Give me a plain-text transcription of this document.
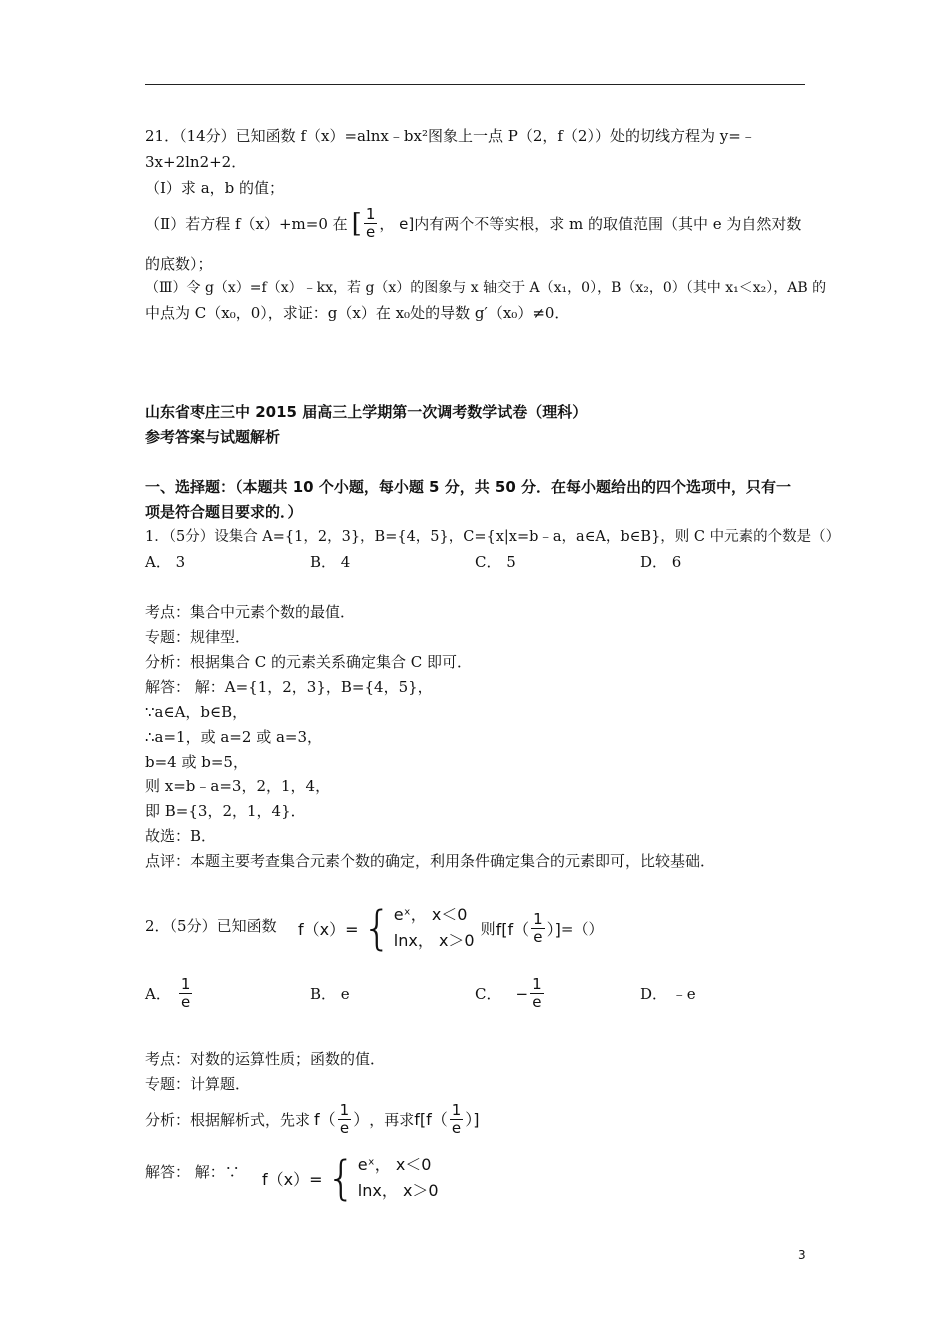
21．（14分）已知函数 f（x）=alnx﹣bx²图象上一点 P（2，f（2））处的切线方程为 y=﹣
3x+2ln2+2．
（Ⅰ）求 a，b 的值；
（Ⅱ）若方程 f（x）+m=0 在 [ $\frac{1}{e}$ ， e] 内有两个不等实根，求 m 的取值范围（其中 e 为自然对数
的底数）；
（Ⅲ）令 g（x）=f（x）﹣kx，若 g（x）的图象与 x 轴交于 A（x₁，0），B（x₂，0）（其中 x₁＜x₂），AB 的
中点为 C（x₀，0），求证：g（x）在 x₀处的导数 g′（x₀）≠0．
山东省枣庄三中 2015 届高三上学期第一次调考数学试卷（理科）
参考答案与试题解析
一、选择题：（本题共 10 个小题，每小题 5 分，共 50 分．在每小题给出的四个选项中，只有一
项是符合题目要求的．）
1．（5分）设集合 A={1，2，3}，B={4，5}，C={x|x=b﹣a，a∈A，b∈B}，则 C 中元素的个数是（）
A． 3	B． 4	C． 5	D． 6
考点：集合中元素个数的最值．
专题：规律型．
分析：根据集合 C 的元素关系确定集合 C 即可．
解答： 解：A={1，2，3}，B={4，5}，
∵a∈A，b∈B，
∴a=1，或 a=2 或 a=3，
b=4 或 b=5，
则 x=b﹣a=3，2，1，4，
即 B={3，2，1，4}．
故选：B．
点评：本题主要考查集合元素个数的确定，利用条件确定集合的元素即可，比较基础．
2．（5分）已知函数 f（x）= { eˣ， x＜0
lnx， x＞0
则 $f[f( \frac{1}{e}$ ）] =（）
A． $\frac{1}{e}$	B． e	C． − $\frac{1}{e}$	D． ﹣e
考点：对数的运算性质；函数的值．
专题：计算题．
分析：根据解析式，先求 $f( \frac{1}{e}$ ） ，再求 $f[f( \frac{1}{e}$ ）]
解答： 解：∵ f（x）= { eˣ， x＜0
lnx， x＞0
3
